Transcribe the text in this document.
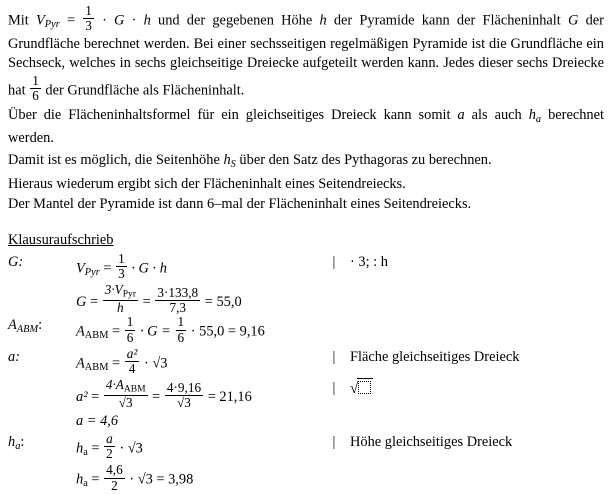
Mit $V_{Pyr} = \frac{1}{3} \cdot G \cdot h$ und der gegebenen Höhe h der Pyramide kann der Flächeninhalt G der Grundfläche berechnet werden. Bei einer sechsseitigen regelmäßigen Pyramide ist die Grundfläche ein Sechseck, welches in sechs gleichseitige Dreiecke aufgeteilt werden kann. Jedes dieser sechs Dreiecke hat $\frac{1}{6}$ der Grundfläche als Flächeninhalt.

Über die Flächeninhaltsformel für ein gleichseitiges Dreieck kann somit a als auch $h_a$ berechnet werden.

Damit ist es möglich, die Seitenhöhe $h_S$ über den Satz des Pythagoras zu berechnen.

Hieraus wiederum ergibt sich der Flächeninhalt eines Seitendreiecks.

Der Mantel der Pyramide ist dann 6–mal der Flächeninhalt eines Seitendreiecks.

Klausuraufschrieb
G:	$V_{Pyr} = \frac{1}{3} \cdot G \cdot h$	|	· 3; : h
	$G = \frac{3\cdot V_{Pyr}}{h} = \frac{3\cdot 133,8}{7,3} = 55,0$		
$A_{ABM}$:	$A_{ABM} = \frac{1}{6} \cdot G = \frac{1}{6} \cdot 55,0 = 9,16$		
a:	$A_{ABM} = \frac{\text{a²}}{4} \cdot √3$	|	Fläche gleichseitiges Dreieck
	$a^2 = \frac{4\cdot A_{ABM}}{√3} = \frac{4\cdot 9,16}{√3} = 21,16$	|	√
	a = 4,6		
$h_a$:	$h_a = \frac{a}{2} \cdot √3$	|	Höhe gleichseitiges Dreieck
	$h_a = \frac{4,6}{2} \cdot √3 = 3,98$		
